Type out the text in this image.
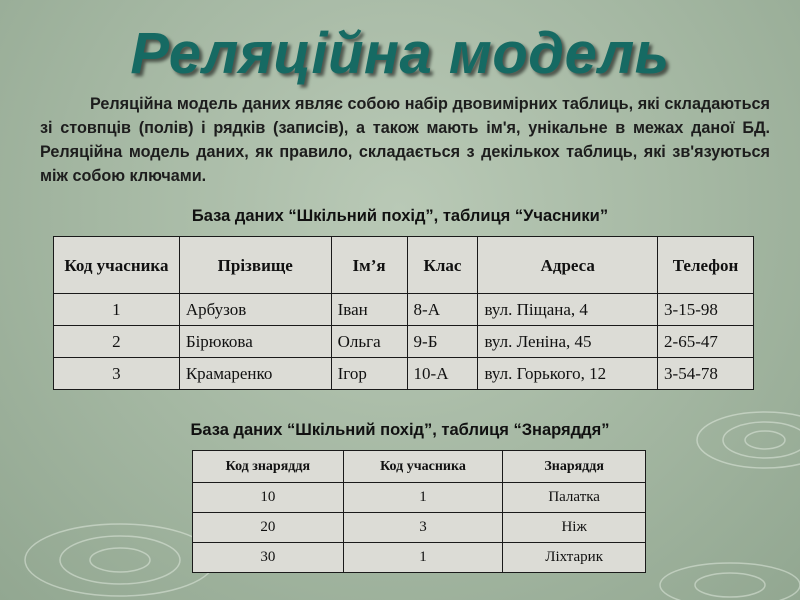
Реляційна модель
Реляційна модель даних являє собою набір двовимірних таблиць, які складаються зі стовпців (полів) і рядків (записів), а також мають ім'я, унікальне в межах даної БД. Реляційна модель даних, як правило, складається з декількох таблиць, які зв'язуються між собою ключами.
База даних “Шкільний похід”, таблиця “Учасники”
Код учасника	Прізвище	Ім’я	Клас	Адреса	Телефон
1	Арбузов	Іван	8-А	вул. Піщана, 4	3-15-98
2	Бірюкова	Ольга	9-Б	вул. Леніна, 45	2-65-47
3	Крамаренко	Ігор	10-А	вул. Горького, 12	3-54-78
База даних “Шкільний похід”, таблиця “Знаряддя”
Код знаряддя	Код учасника	Знаряддя
10	1	Палатка
20	3	Ніж
30	1	Ліхтарик
